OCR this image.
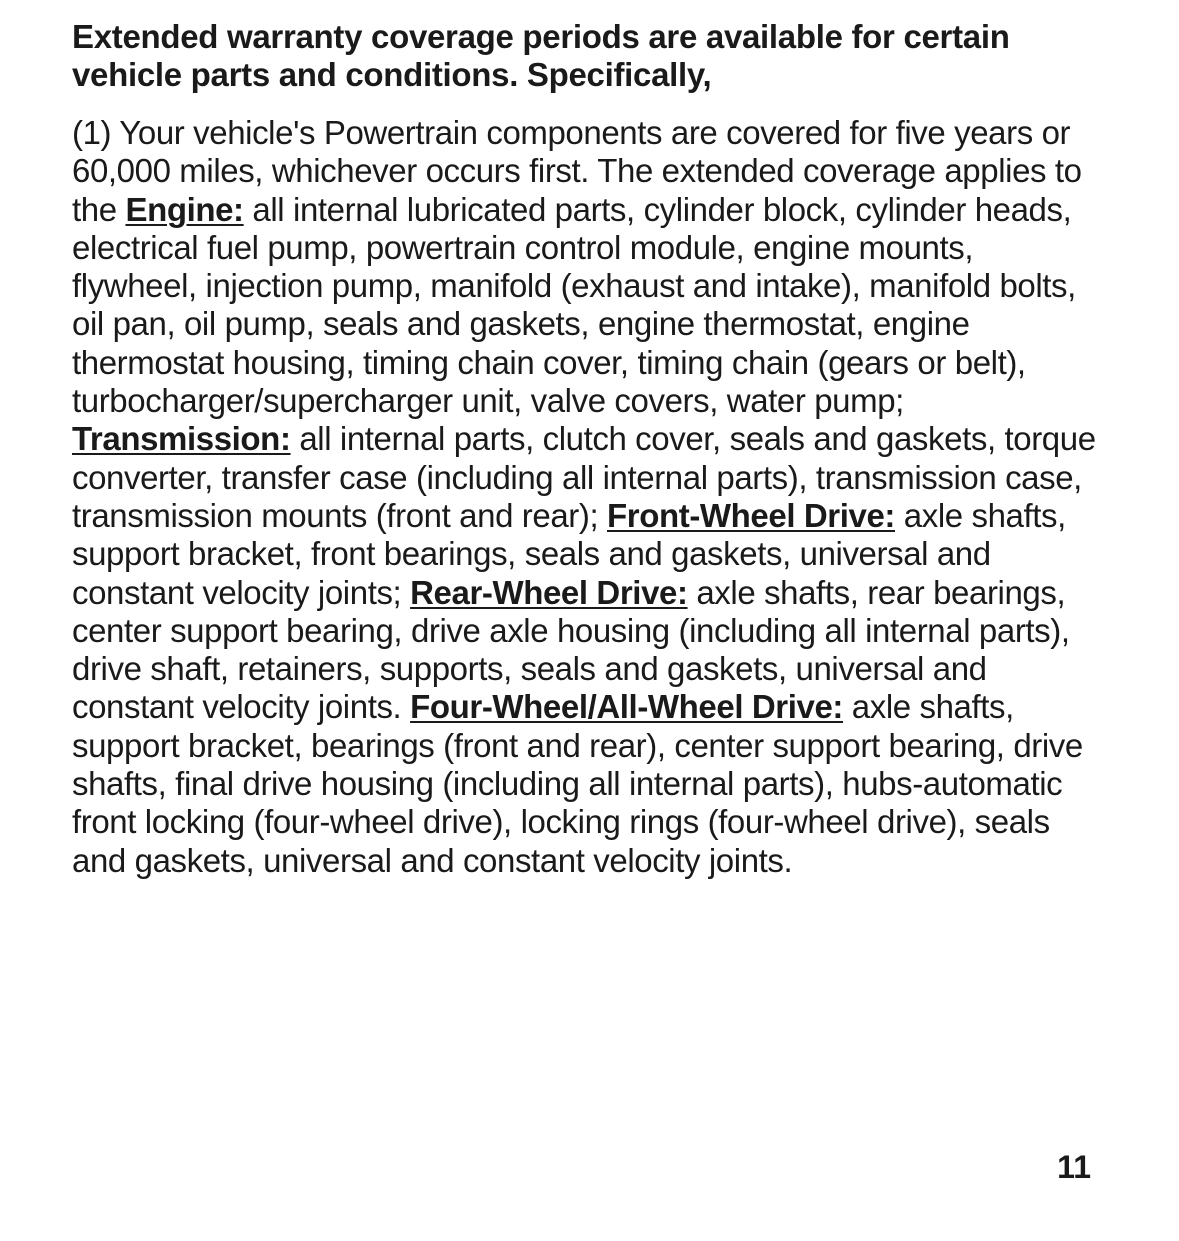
Extended warranty coverage periods are available for certain vehicle parts and conditions. Specifically,

(1) Your vehicle's Powertrain components are covered for five years or 60,000 miles, whichever occurs first. The extended coverage applies to the Engine: all internal lubricated parts, cylinder block, cylinder heads, electrical fuel pump, powertrain control module, engine mounts, flywheel, injection pump, manifold (exhaust and intake), manifold bolts, oil pan, oil pump, seals and gaskets, engine thermostat, engine thermostat housing, timing chain cover, timing chain (gears or belt), turbocharger/supercharger unit, valve covers, water pump; Transmission: all internal parts, clutch cover, seals and gaskets, torque converter, transfer case (including all internal parts), transmission case, transmission mounts (front and rear); Front-Wheel Drive: axle shafts, support bracket, front bearings, seals and gaskets, universal and constant velocity joints; Rear-Wheel Drive: axle shafts, rear bearings, center support bearing, drive axle housing (including all internal parts), drive shaft, retainers, supports, seals and gaskets, universal and constant velocity joints. Four-Wheel/All-Wheel Drive: axle shafts, support bracket, bearings (front and rear), center support bearing, drive shafts, final drive housing (including all internal parts), hubs-automatic front locking (four-wheel drive), locking rings (four-wheel drive), seals and gaskets, universal and constant velocity joints.

11
